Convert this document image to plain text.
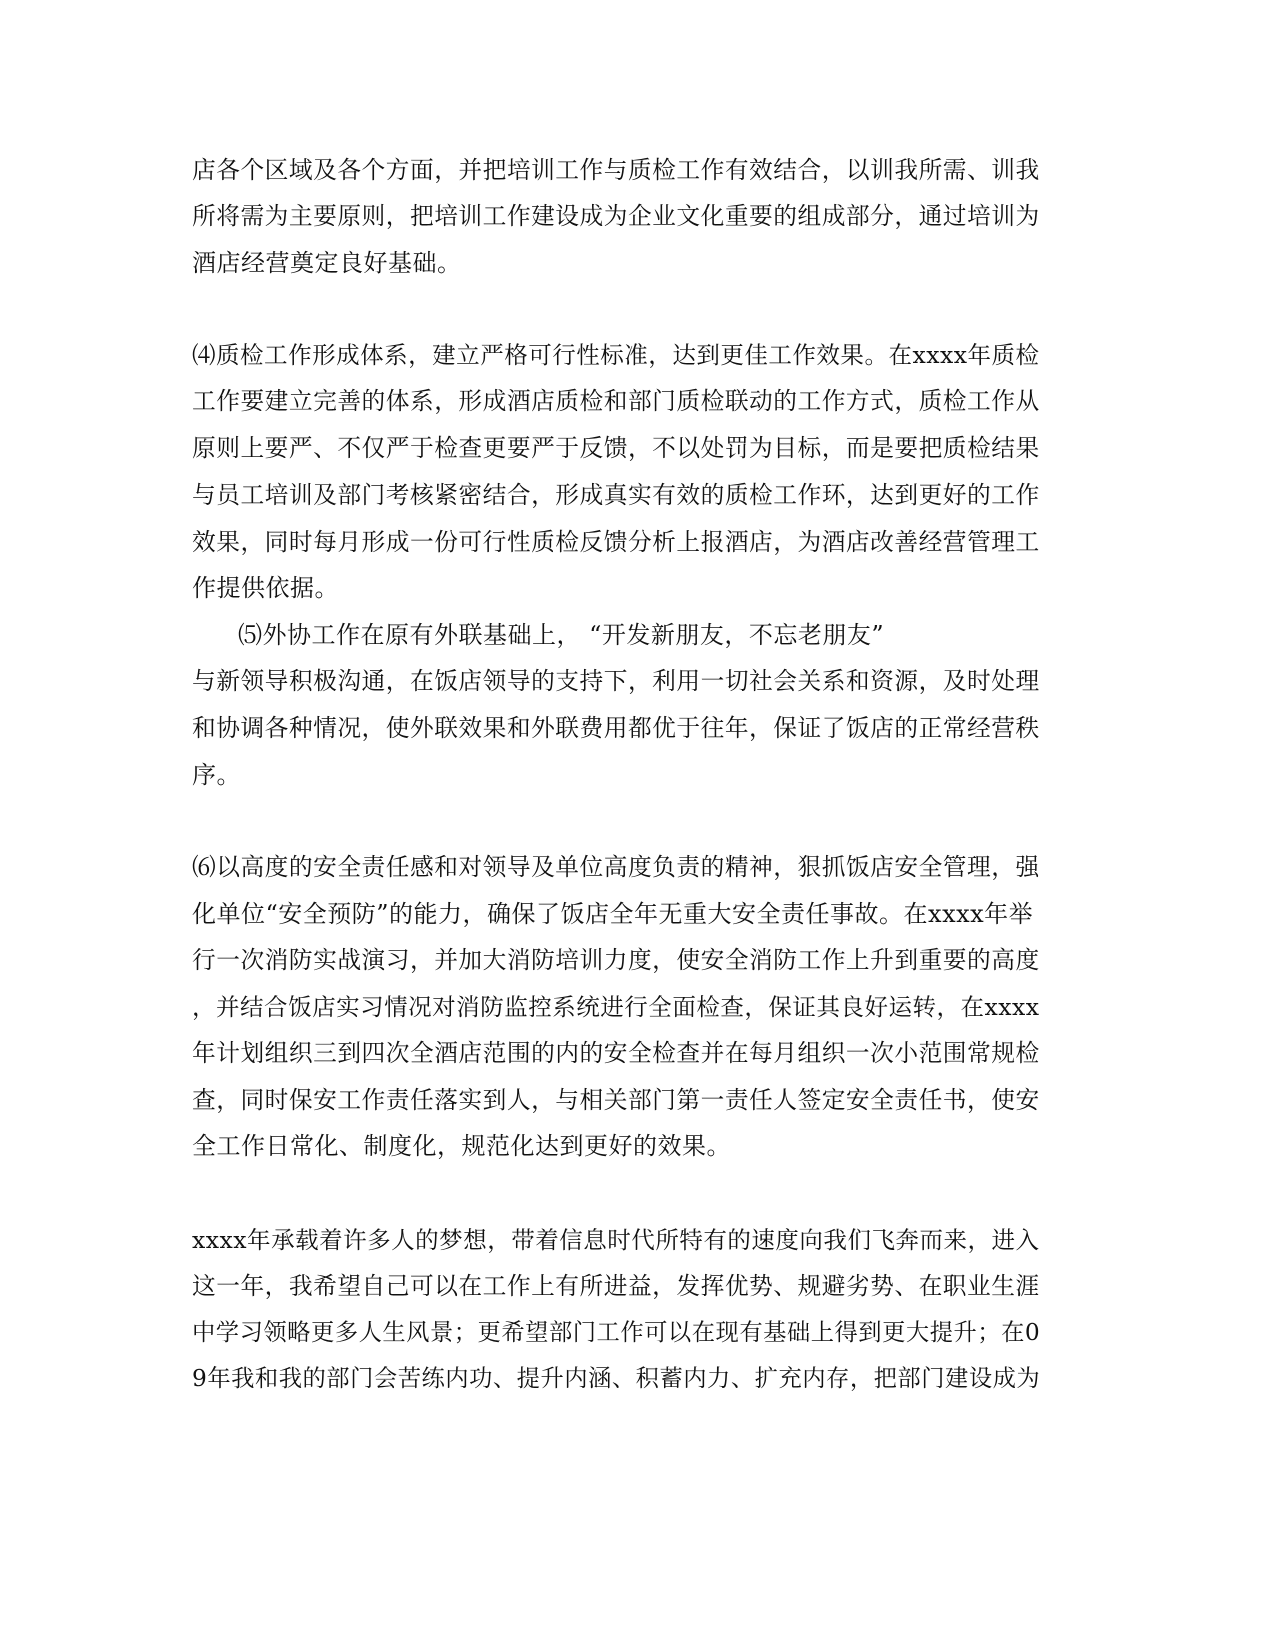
店各个区域及各个方面，并把培训工作与质检工作有效结合，以训我所需、训我
所将需为主要原则，把培训工作建设成为企业文化重要的组成部分，通过培训为
酒店经营奠定良好基础。
⑷质检工作形成体系，建立严格可行性标准，达到更佳工作效果。在xxxx年质检
工作要建立完善的体系，形成酒店质检和部门质检联动的工作方式，质检工作从
原则上要严、不仅严于检查更要严于反馈，不以处罚为目标，而是要把质检结果
与员工培训及部门考核紧密结合，形成真实有效的质检工作环，达到更好的工作
效果，同时每月形成一份可行性质检反馈分析上报酒店，为酒店改善经营管理工
作提供依据。
⑸外协工作在原有外联基础上， “开发新朋友，不忘老朋友”
与新领导积极沟通，在饭店领导的支持下，利用一切社会关系和资源，及时处理
和协调各种情况，使外联效果和外联费用都优于往年，保证了饭店的正常经营秩
序。
⑹以高度的安全责任感和对领导及单位高度负责的精神，狠抓饭店安全管理，强
化单位“安全预防”的能力，确保了饭店全年无重大安全责任事故。在xxxx年举
行一次消防实战演习，并加大消防培训力度，使安全消防工作上升到重要的高度
，并结合饭店实习情况对消防监控系统进行全面检查，保证其良好运转，在xxxx
年计划组织三到四次全酒店范围的内的安全检查并在每月组织一次小范围常规检
查，同时保安工作责任落实到人，与相关部门第一责任人签定安全责任书，使安
全工作日常化、制度化，规范化达到更好的效果。
xxxx年承载着许多人的梦想，带着信息时代所特有的速度向我们飞奔而来，进入
这一年，我希望自己可以在工作上有所进益，发挥优势、规避劣势、在职业生涯
中学习领略更多人生风景；更希望部门工作可以在现有基础上得到更大提升；在0
9年我和我的部门会苦练内功、提升内涵、积蓄内力、扩充内存，把部门建设成为
